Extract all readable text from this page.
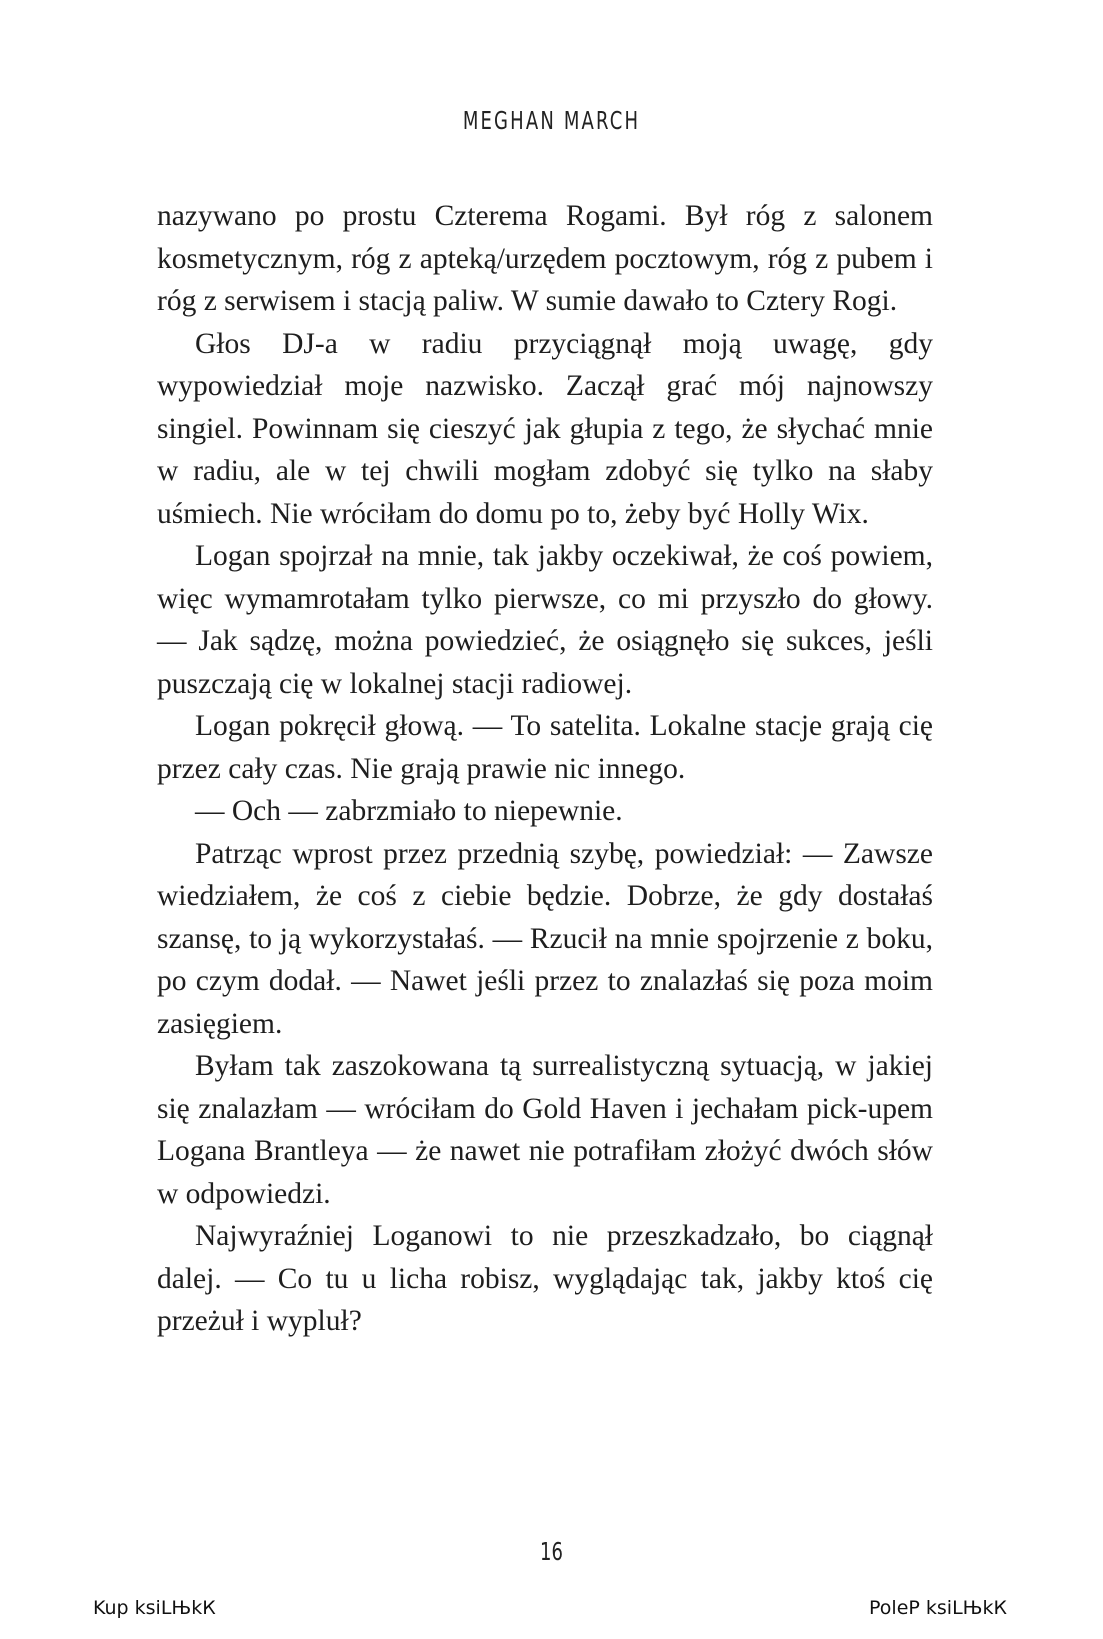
MEGHAN MARCH

nazywano po prostu Czterema Rogami. Był róg z salonem kosmetycznym, róg z apteką/urzędem pocztowym, róg z pubem i róg z serwisem i stacją paliw. W sumie dawało to Cztery Rogi.

Głos DJ-a w radiu przyciągnął moją uwagę, gdy wypowiedział moje nazwisko. Zaczął grać mój najnowszy singiel. Powinnam się cieszyć jak głupia z tego, że słychać mnie w radiu, ale w tej chwili mogłam zdobyć się tylko na słaby uśmiech. Nie wróciłam do domu po to, żeby być Holly Wix.

Logan spojrzał na mnie, tak jakby oczekiwał, że coś powiem, więc wymamrotałam tylko pierwsze, co mi przyszło do głowy. — Jak sądzę, można powiedzieć, że osiągnęło się sukces, jeśli puszczają cię w lokalnej stacji radiowej.

Logan pokręcił głową. — To satelita. Lokalne stacje grają cię przez cały czas. Nie grają prawie nic innego.

— Och — zabrzmiało to niepewnie.

Patrząc wprost przez przednią szybę, powiedział: — Zawsze wiedziałem, że coś z ciebie będzie. Dobrze, że gdy dostałaś szansę, to ją wykorzystałaś. — Rzucił na mnie spojrzenie z boku, po czym dodał. — Nawet jeśli przez to znalazłaś się poza moim zasięgiem.

Byłam tak zaszokowana tą surrealistyczną sytuacją, w jakiej się znalazłam — wróciłam do Gold Haven i jechałam pick-upem Logana Brantleya — że nawet nie potrafiłam złożyć dwóch słów w odpowiedzi.

Najwyraźniej Loganowi to nie przeszkadzało, bo ciągnął dalej. — Co tu u licha robisz, wyglądając tak, jakby ktoś cię przeżuł i wypluł?

16
Kup ksiLЊkК	PoleР ksiLЊkК
